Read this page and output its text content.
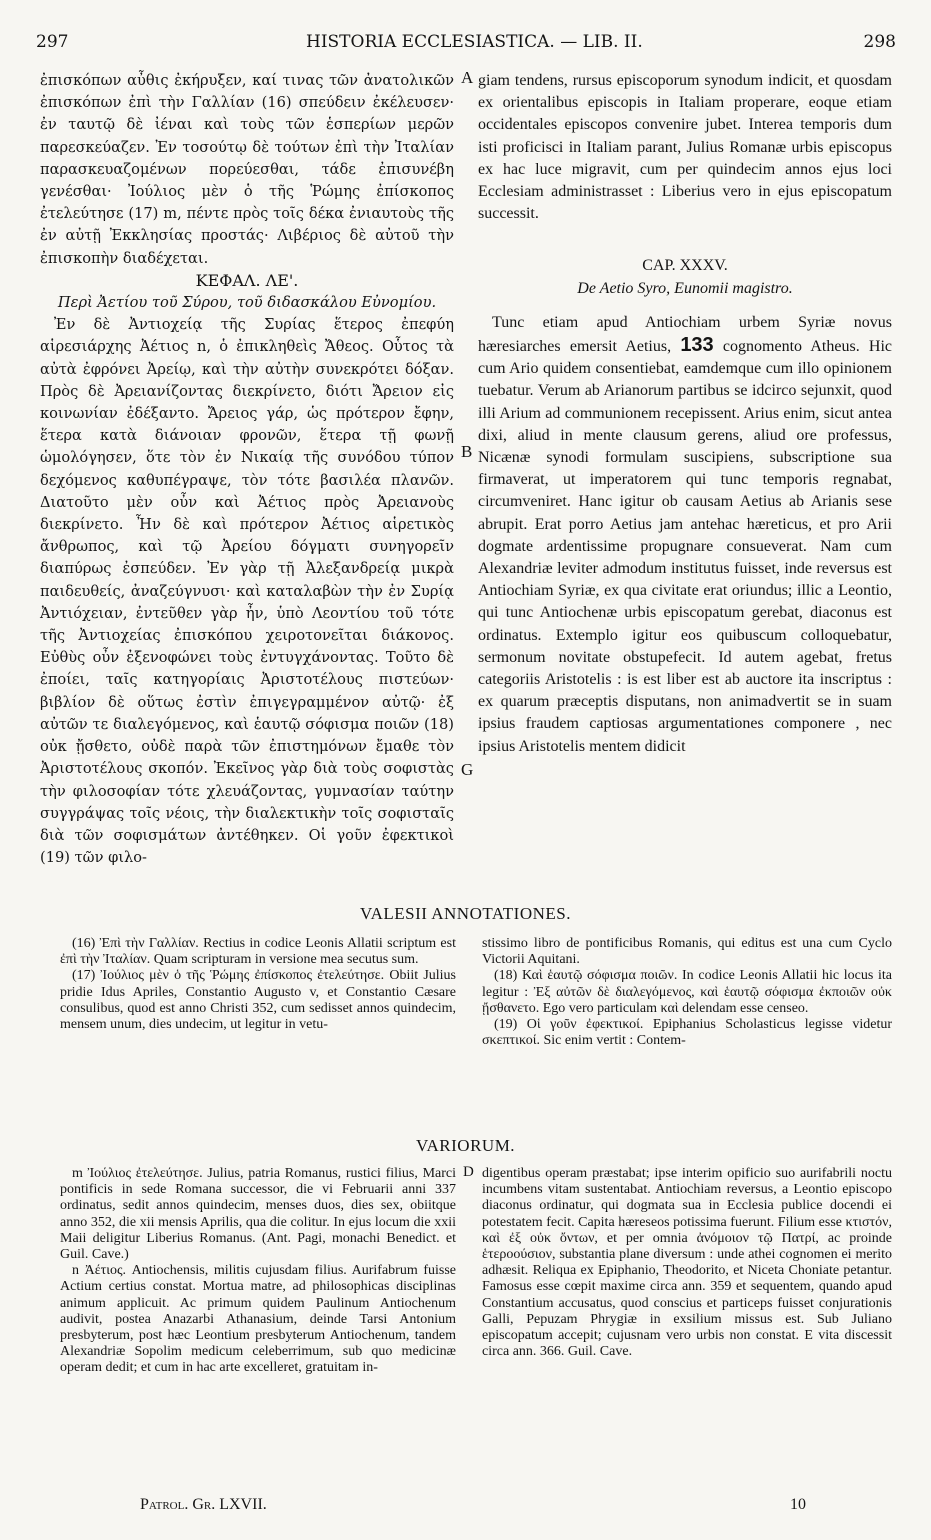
297	HISTORIA ECCLESIASTICA. — LIB. II.	298

ἐπισκόπων αὖθις ἐκήρυξεν, καί τινας τῶν ἀνατολικῶν ἐπισκόπων ἐπὶ τὴν Γαλλίαν (16) σπεύδειν ἐκέλευσεν· ἐν ταυτῷ δὲ ἰέναι καὶ τοὺς τῶν ἑσπερίων μερῶν παρεσκεύαζεν. Ἐν τοσούτῳ δὲ τούτων ἐπὶ τὴν Ἰταλίαν παρασκευαζομένων πορεύεσθαι, τάδε ἐπισυνέβη γενέσθαι· Ἰούλιος μὲν ὁ τῆς Ῥώμης ἐπίσκοπος ἐτελεύτησε (17) m, πέντε πρὸς τοῖς δέκα ἐνιαυτοὺς τῆς ἐν αὐτῇ Ἐκκλησίας προστάς· Λιβέριος δὲ αὐτοῦ τὴν ἐπισκοπὴν διαδέχεται.

ΚΕΦΑΛ. ΛΕ'.

Περὶ Ἀετίου τοῦ Σύρου, τοῦ διδασκάλου Εὐνομίου.

Ἐν δὲ Ἀντιοχείᾳ τῆς Συρίας ἕτερος ἐπεφύη αἱρεσιάρχης Ἀέτιος n, ὁ ἐπικληθεὶς Ἄθεος. Οὗτος τὰ αὐτὰ ἐφρόνει Ἀρείῳ, καὶ τὴν αὐτὴν συνεκρότει δόξαν. Πρὸς δὲ Ἀρειανίζοντας διεκρίνετο, διότι Ἄρειον εἰς κοινωνίαν ἐδέξαντο. Ἄρειος γάρ, ὡς πρότερον ἔφην, ἕτερα κατὰ διάνοιαν φρονῶν, ἕτερα τῇ φωνῇ ὡμολόγησεν, ὅτε τὸν ἐν Νικαίᾳ τῆς συνόδου τύπον δεχόμενος καθυπέγραψε, τὸν τότε βασιλέα πλανῶν. Διατοῦτο μὲν οὖν καὶ Ἀέτιος πρὸς Ἀρειανοὺς διεκρίνετο. Ἦν δὲ καὶ πρότερον Ἀέτιος αἱρετικὸς ἄνθρωπος, καὶ τῷ Ἀρείου δόγματι συνηγορεῖν διαπύρως ἐσπεύδεν. Ἐν γὰρ τῇ Ἀλεξανδρείᾳ μικρὰ παιδευθείς, ἀναζεύγνυσι· καὶ καταλαβὼν τὴν ἐν Συρίᾳ Ἀντιόχειαν, ἐντεῦθεν γὰρ ἦν, ὑπὸ Λεοντίου τοῦ τότε τῆς Ἀντιοχείας ἐπισκόπου χειροτονεῖται διάκονος. Εὐθὺς οὖν ἐξενοφώνει τοὺς ἐντυγχάνοντας. Τοῦτο δὲ ἐποίει, ταῖς κατηγορίαις Ἀριστοτέλους πιστεύων· βιβλίον δὲ οὕτως ἐστὶν ἐπιγεγραμμένον αὐτῷ· ἐξ αὐτῶν τε διαλεγόμενος, καὶ ἑαυτῷ σόφισμα ποιῶν (18) οὐκ ᾔσθετο, οὐδὲ παρὰ τῶν ἐπιστημόνων ἔμαθε τὸν Ἀριστοτέλους σκοπόν. Ἐκεῖνος γὰρ διὰ τοὺς σοφιστὰς τὴν φιλοσοφίαν τότε χλευάζοντας, γυμνασίαν ταύτην συγγράψας τοῖς νέοις, τὴν διαλεκτικὴν τοῖς σοφισταῖς διὰ τῶν σοφισμάτων ἀντέθηκεν. Οἱ γοῦν ἐφεκτικοὶ (19) τῶν φιλο-

A
B
G

giam tendens, rursus episcoporum synodum indicit, et quosdam ex orientalibus episcopis in Italiam properare, eoque etiam occidentales episcopos convenire jubet. Interea temporis dum isti proficisci in Italiam parant, Julius Romanæ urbis episcopus ex hac luce migravit, cum per quindecim annos ejus loci Ecclesiam administrasset : Liberius vero in ejus episcopatum successit.

CAP. XXXV.

De Aetio Syro, Eunomii magistro.

Tunc etiam apud Antiochiam urbem Syriæ novus hæresiarches emersit Aetius, 133 cognomento Atheus. Hic cum Ario quidem consentiebat, eamdemque cum illo opinionem tuebatur. Verum ab Arianorum partibus se idcirco sejunxit, quod illi Arium ad communionem recepissent. Arius enim, sicut antea dixi, aliud in mente clausum gerens, aliud ore professus, Nicænæ synodi formulam suscipiens, subscriptione sua firmaverat, ut imperatorem qui tunc temporis regnabat, circumveniret. Hanc igitur ob causam Aetius ab Arianis sese abrupit. Erat porro Aetius jam antehac hæreticus, et pro Arii dogmate ardentissime propugnare consueverat. Nam cum Alexandriæ leviter admodum institutus fuisset, inde reversus est Antiochiam Syriæ, ex qua civitate erat oriundus; illic a Leontio, qui tunc Antiochenæ urbis episcopatum gerebat, diaconus est ordinatus. Extemplo igitur eos quibuscum colloquebatur, sermonum novitate obstupefecit. Id autem agebat, fretus categoriis Aristotelis : is est liber est ab auctore ita inscriptus : ex quarum præceptis disputans, non animadvertit se in suam ipsius fraudem captiosas argumentationes componere , nec ipsius Aristotelis mentem didicit

VALESII ANNOTATIONES.

(16) Ἐπὶ τὴν Γαλλίαν. Rectius in codice Leonis Allatii scriptum est ἐπὶ τὴν Ἰταλίαν. Quam scripturam in versione mea secutus sum.

(17) Ἰούλιος μὲν ὁ τῆς Ῥώμης ἐπίσκοπος ἐτελεύτησε. Obiit Julius pridie Idus Apriles, Constantio Augusto v, et Constantio Cæsare consulibus, quod est anno Christi 352, cum sedisset annos quindecim, mensem unum, dies undecim, ut legitur in vetu-

stissimo libro de pontificibus Romanis, qui editus est una cum Cyclo Victorii Aquitani.

(18) Καὶ ἑαυτῷ σόφισμα ποιῶν. In codice Leonis Allatii hic locus ita legitur : Ἐξ αὐτῶν δὲ διαλεγόμενος, καὶ ἑαυτῷ σόφισμα ἐκποιῶν οὐκ ᾔσθανετο. Ego vero particulam καὶ delendam esse censeo.

(19) Οἱ γοῦν ἐφεκτικοί. Epiphanius Scholasticus legisse videtur σκεπτικοί. Sic enim vertit : Contem-

VARIORUM.

m Ἰούλιος ἐτελεύτησε. Julius, patria Romanus, rustici filius, Marci pontificis in sede Romana successor, die vi Februarii anni 337 ordinatus, sedit annos quindecim, menses duos, dies sex, obiitque anno 352, die xii mensis Aprilis, qua die colitur. In ejus locum die xxii Maii deligitur Liberius Romanus. (Ant. Pagi, monachi Benedict. et Guil. Cave.)

n Ἀέτιος. Antiochensis, militis cujusdam filius. Aurifabrum fuisse Actium certius constat. Mortua matre, ad philosophicas disciplinas animum applicuit. Ac primum quidem Paulinum Antiochenum audivit, postea Anazarbi Athanasium, deinde Tarsi Antonium presbyterum, post hæc Leontium presbyterum Antiochenum, tandem Alexandriæ Sopolim medicum celeberrimum, sub quo medicinæ operam dedit; et cum in hac arte excelleret, gratuitam in-

D digentibus operam præstabat; ipse interim opificio suo aurifabrili noctu incumbens vitam sustentabat. Antiochiam reversus, a Leontio episcopo diaconus ordinatur, qui dogmata sua in Ecclesia publice docendi ei potestatem fecit. Capita hæreseos potissima fuerunt. Filium esse κτιστόν, καὶ ἐξ οὐκ ὄντων, et per omnia ἀνόμοιον τῷ Πατρί, ac proinde ἑτεροούσιον, substantia plane diversum : unde athei cognomen ei merito adhæsit. Reliqua ex Epiphanio, Theodorito, et Niceta Choniate petantur. Famosus esse cœpit maxime circa ann. 359 et sequentem, quando apud Constantium accusatus, quod conscius et particeps fuisset conjurationis Galli, Pepuzam Phrygiæ in exsilium missus est. Sub Juliano episcopatum accepit; cujusnam vero urbis non constat. E vita discessit circa ann. 366. Guil. Cave.

Patrol. Gr. LXVII.	10
